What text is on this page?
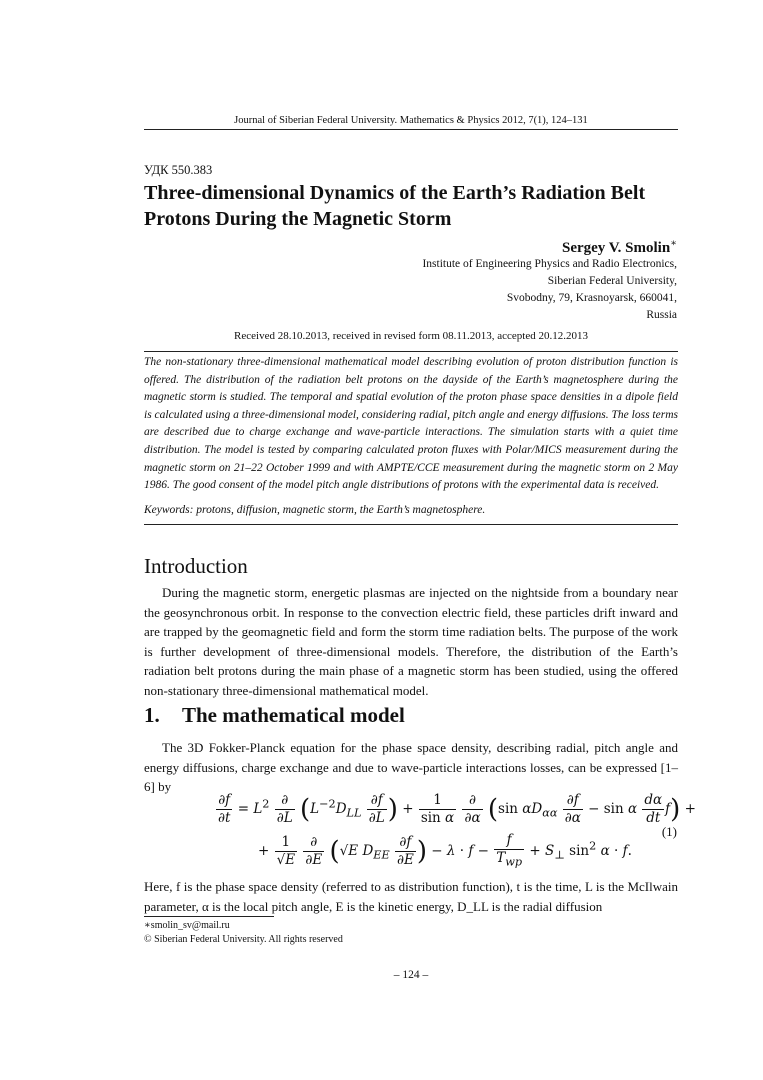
Journal of Siberian Federal University. Mathematics & Physics 2012, 7(1), 124–131
УДК 550.383
Three-dimensional Dynamics of the Earth’s Radiation Belt
Protons During the Magnetic Storm
Sergey V. Smolin∗
Institute of Engineering Physics and Radio Electronics,
Siberian Federal University,
Svobodny, 79, Krasnoyarsk, 660041,
Russia
Received 28.10.2013, received in revised form 08.11.2013, accepted 20.12.2013
The non-stationary three-dimensional mathematical model describing evolution of proton distribution function is offered. The distribution of the radiation belt protons on the dayside of the Earth’s magnetosphere during the magnetic storm is studied. The temporal and spatial evolution of the proton phase space densities in a dipole field is calculated using a three-dimensional model, considering radial, pitch angle and energy diffusions. The loss terms are described due to charge exchange and wave-particle interactions. The simulation starts with a quiet time distribution. The model is tested by comparing calculated proton fluxes with Polar/MICS measurement during the magnetic storm on 21–22 October 1999 and with AMPTE/CCE measurement during the magnetic storm on 2 May 1986. The good consent of the model pitch angle distributions of protons with the experimental data is received.
Keywords: protons, diffusion, magnetic storm, the Earth’s magnetosphere.
Introduction

During the magnetic storm, energetic plasmas are injected on the nightside from a boundary near the geosynchronous orbit. In response to the convection electric field, these particles drift inward and are trapped by the geomagnetic field and form the storm time radiation belts. The purpose of the work is further development of three-dimensional models. Therefore, the distribution of the Earth’s radiation belt protons during the main phase of a magnetic storm has been studied, using the offered non-stationary three-dimensional mathematical model.

1. The mathematical model

The 3D Fokker-Planck equation for the phase space density, describing radial, pitch angle and energy diffusions, charge exchange and due to wave-particle interactions losses, can be expressed [1–6] by

$\frac{\partial f}{\partial t} = L^2 \frac{\partial}{\partial L} (L^{-2}D_{LL} \frac{\partial f}{\partial L}$ ) + $\frac{1}{\text{sin α}}$
$\frac{\partial}{\partial\alpha} (\sin$ $\alpha D_{\alpha\alpha} \frac{\partial f}{\partial\alpha} - \sin \alpha \frac{d\alpha}{dt} f$) +
+ $\frac{1}{√E}$
$\frac{\partial}{\partial E} (√E$ $D_{EE} \frac{\partial f}{\partial E}$ ) − $\lambda \cdot f - \frac{f}{T_{wp}} + S_\perp$ $\sin^2 \alpha \cdot f$.
(1)

Here, f is the phase space density (referred to as distribution function), t is the time, L is the McIlwain parameter, α is the local pitch angle, E is the kinetic energy, D_LL is the radial diffusion

∗smolin_sv@mail.ru
© Siberian Federal University. All rights reserved
– 124 –
